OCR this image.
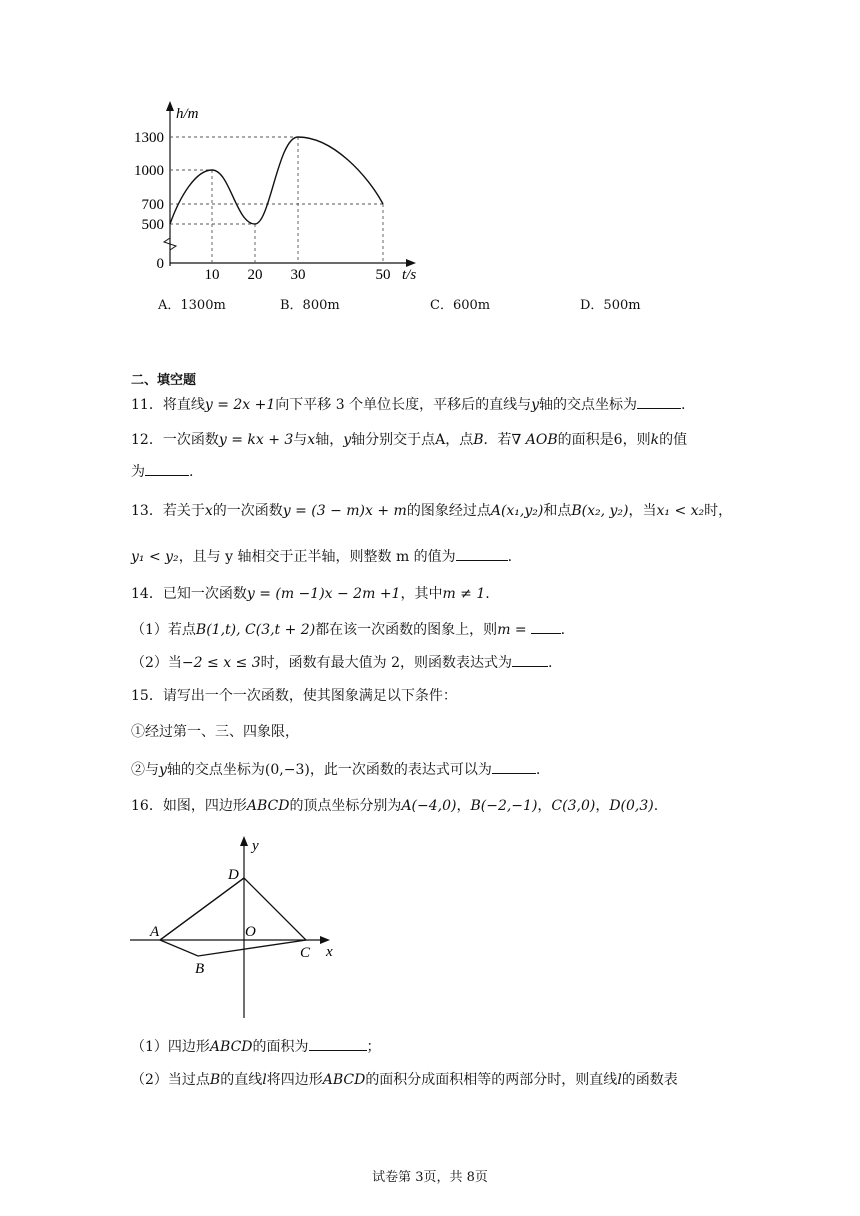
h/m
1300
1000
700
500
0
10 20 30	50 t/s
A．1300m	B．800m	C．600m	D．500m
二、填空题
11．将直线y = 2x +1向下平移 3 个单位长度，平移后的直线与y轴的交点坐标为	.
12．一次函数y = kx + 3与x轴，y轴分别交于点A，点B．若∇ AOB的面积是6，则k的值
为	.
13．若关于x的一次函数y = (3 − m)x + m的图象经过点A(x₁,y₂)和点B(x₂, y₂)，当x₁ < x₂时，
y₁ < y₂，且与 y 轴相交于正半轴，则整数 m 的值为	.
14．已知一次函数y = (m −1)x − 2m +1，其中m ≠ 1.
（1）若点B(1,t), C(3,t + 2)都在该一次函数的图象上，则m = .
（2）当−2 ≤ x ≤ 3时，函数有最大值为 2，则函数表达式为	.
15．请写出一个一次函数，使其图象满足以下条件：
①经过第一、三、四象限，
②与y轴的交点坐标为(0,−3)，此一次函数的表达式可以为	.
16．如图，四边形ABCD的顶点坐标分别为A(−4,0)，B(−2,−1)，C(3,0)，D(0,3).
y
x
A
B
C
D
O
（1）四边形ABCD的面积为	；
（2）当过点B的直线l将四边形ABCD的面积分成面积相等的两部分时，则直线l的函数表
试卷第 3页，共 8页
